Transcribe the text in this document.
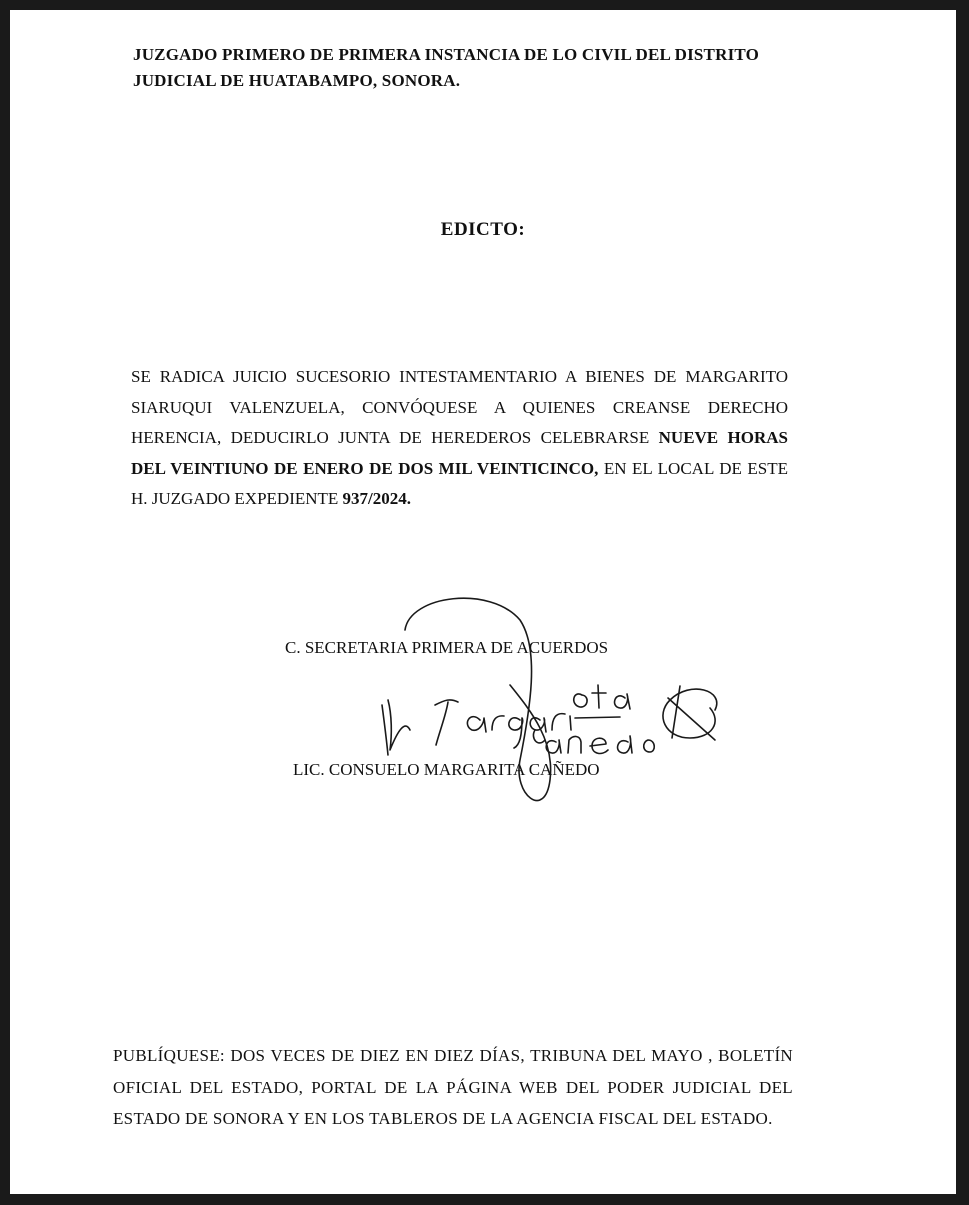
JUZGADO PRIMERO DE PRIMERA INSTANCIA DE LO CIVIL DEL DISTRITO
JUDICIAL DE HUATABAMPO, SONORA.
EDICTO:
SE RADICA JUICIO SUCESORIO INTESTAMENTARIO A BIENES DE MARGARITO SIARUQUI VALENZUELA, CONVÓQUESE A QUIENES CREANSE DERECHO HERENCIA, DEDUCIRLO JUNTA DE HEREDEROS CELEBRARSE NUEVE HORAS DEL VEINTIUNO DE ENERO DE DOS MIL VEINTICINCO, EN EL LOCAL DE ESTE H. JUZGADO EXPEDIENTE 937/2024.
C. SECRETARIA PRIMERA DE ACUERDOS
LIC. CONSUELO MARGARITA CAÑEDO
PUBLÍQUESE: DOS VECES DE DIEZ EN DIEZ DÍAS, TRIBUNA DEL MAYO , BOLETÍN OFICIAL DEL ESTADO, PORTAL DE LA PÁGINA WEB DEL PODER JUDICIAL DEL ESTADO DE SONORA Y EN LOS TABLEROS DE LA AGENCIA FISCAL DEL ESTADO.
